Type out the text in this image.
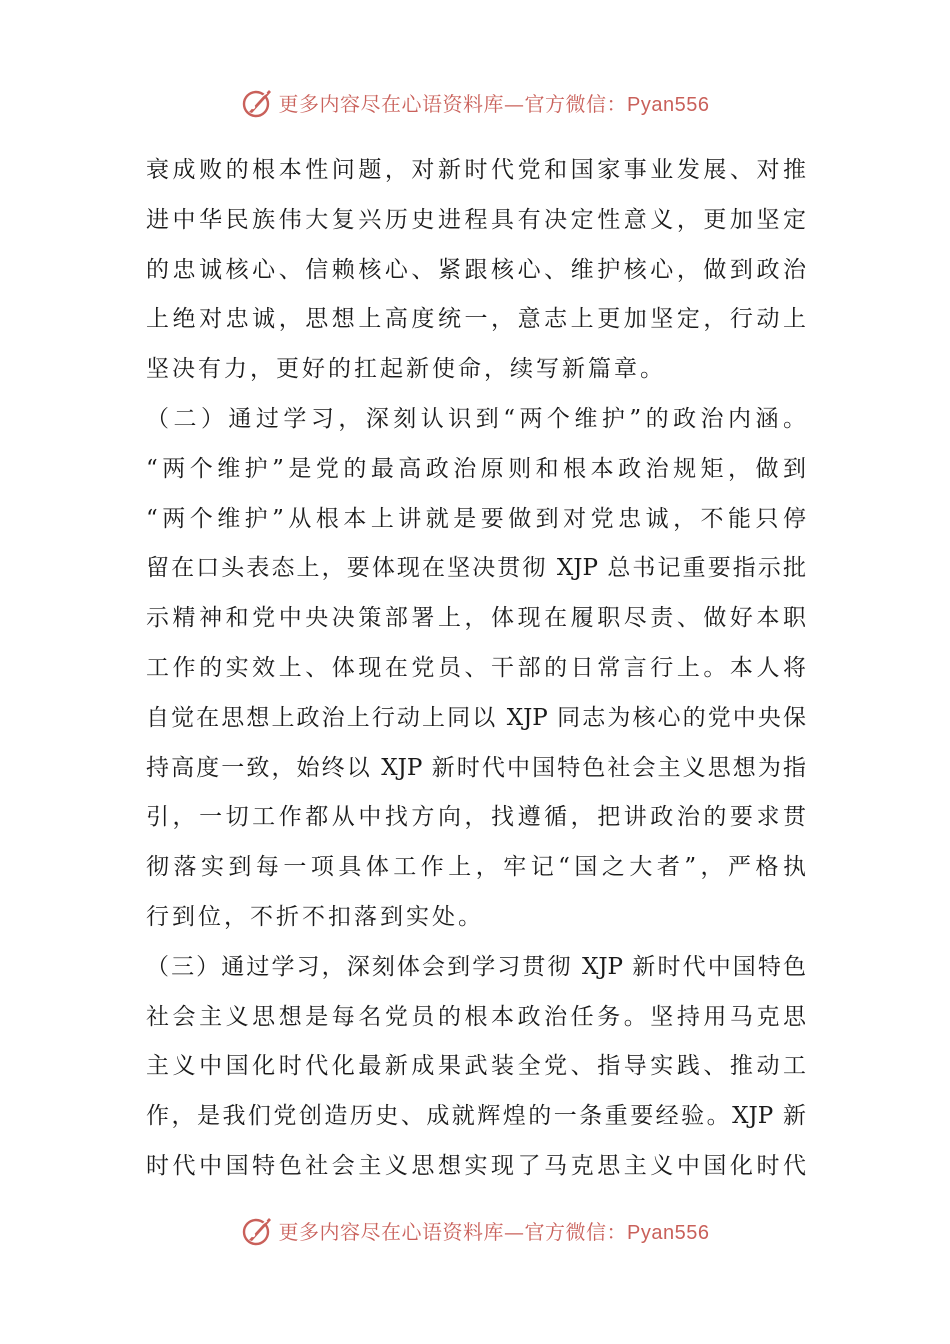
更多内容尽在心语资料库—官方微信：Pyan556
衰成败的根本性问题，对新时代党和国家事业发展、对推
进中华民族伟大复兴历史进程具有决定性意义，更加坚定
的忠诚核心、信赖核心、紧跟核心、维护核心，做到政治
上绝对忠诚，思想上高度统一，意志上更加坚定，行动上
坚决有力，更好的扛起新使命，续写新篇章。
（二）通过学习，深刻认识到“两个维护”的政治内涵。
“两个维护”是党的最高政治原则和根本政治规矩，做到
“两个维护”从根本上讲就是要做到对党忠诚，不能只停
留在口头表态上，要体现在坚决贯彻 XJP 总书记重要指示批
示精神和党中央决策部署上，体现在履职尽责、做好本职
工作的实效上、体现在党员、干部的日常言行上。本人将
自觉在思想上政治上行动上同以 XJP 同志为核心的党中央保
持高度一致，始终以 XJP 新时代中国特色社会主义思想为指
引，一切工作都从中找方向，找遵循，把讲政治的要求贯
彻落实到每一项具体工作上，牢记“国之大者”，严格执
行到位，不折不扣落到实处。
（三）通过学习，深刻体会到学习贯彻 XJP 新时代中国特色
社会主义思想是每名党员的根本政治任务。坚持用马克思
主义中国化时代化最新成果武装全党、指导实践、推动工
作，是我们党创造历史、成就辉煌的一条重要经验。XJP 新
时代中国特色社会主义思想实现了马克思主义中国化时代
更多内容尽在心语资料库—官方微信：Pyan556
